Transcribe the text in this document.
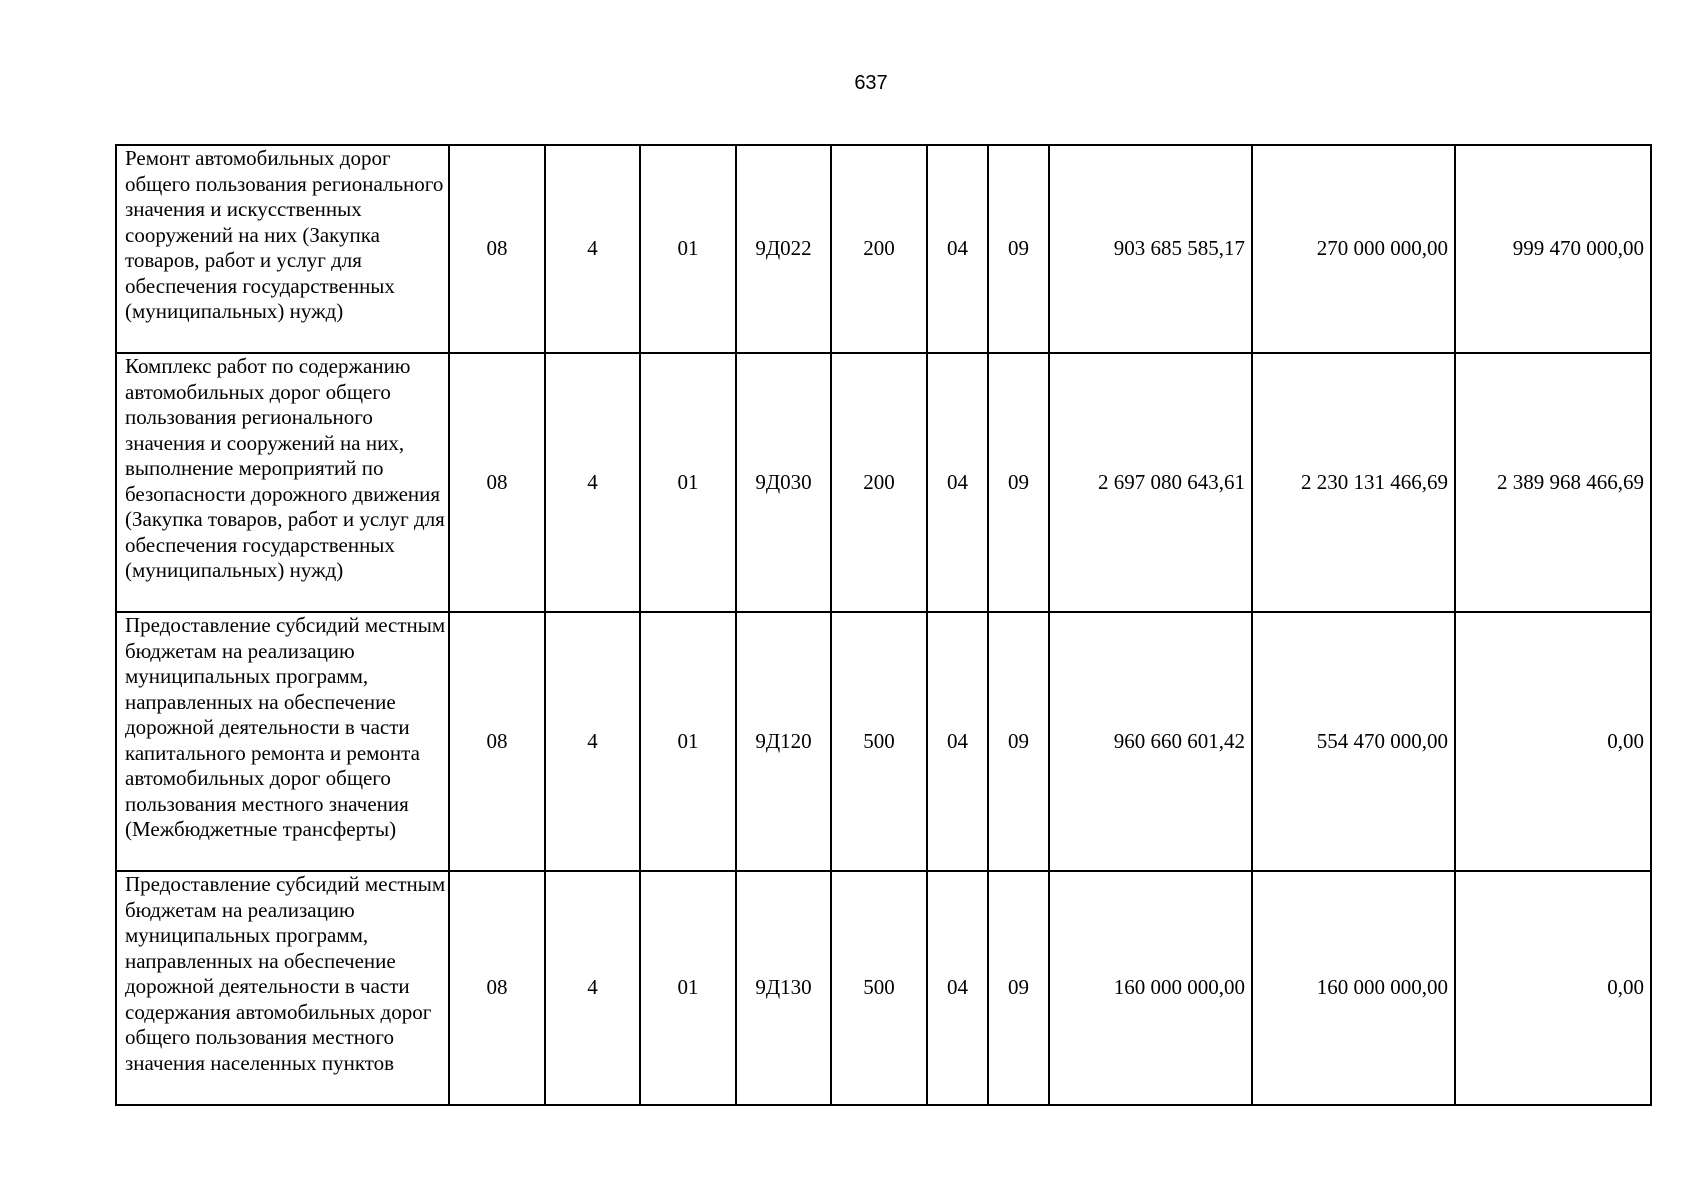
637
Ремонт автомобильных дорог общего пользования регионального значения и искусственных сооружений на них (Закупка товаров, работ и услуг для обеспечения государственных (муниципальных) нужд)	08	4	01	9Д022	200	04	09	903 685 585,17	270 000 000,00	999 470 000,00
Комплекс работ по содержанию автомобильных дорог общего пользования регионального значения и сооружений на них, выполнение мероприятий по безопасности дорожного движения (Закупка товаров, работ и услуг для обеспечения государственных (муниципальных) нужд)	08	4	01	9Д030	200	04	09	2 697 080 643,61	2 230 131 466,69	2 389 968 466,69
Предоставление субсидий местным бюджетам на реализацию муниципальных программ, направленных на обеспечение дорожной деятельности в части капитального ремонта и ремонта автомобильных дорог общего пользования местного значения (Межбюджетные трансферты)	08	4	01	9Д120	500	04	09	960 660 601,42	554 470 000,00	0,00
Предоставление субсидий местным бюджетам на реализацию муниципальных программ, направленных на обеспечение дорожной деятельности в части содержания автомобильных дорог общего пользования местного значения населенных пунктов	08	4	01	9Д130	500	04	09	160 000 000,00	160 000 000,00	0,00
